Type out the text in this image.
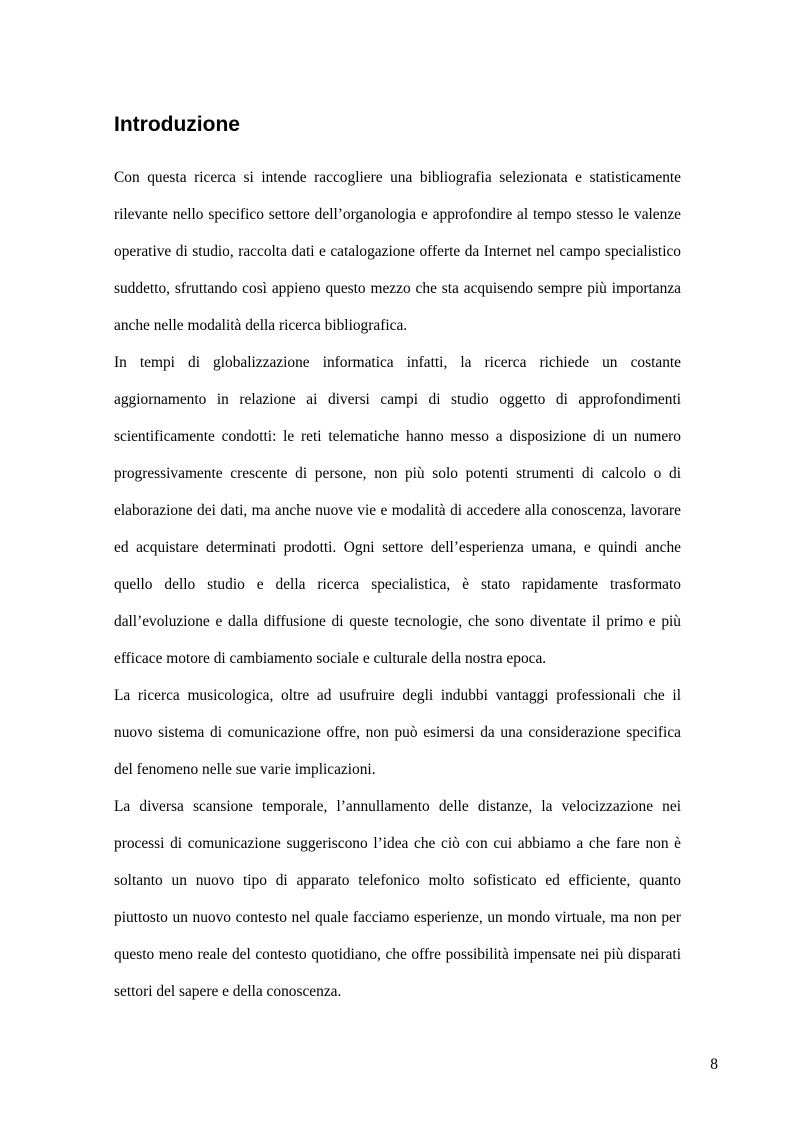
Introduzione

Con questa ricerca si intende raccogliere una bibliografia selezionata e statisticamente rilevante nello specifico settore dell’organologia e approfondire al tempo stesso le valenze operative di studio, raccolta dati e catalogazione offerte da Internet nel campo specialistico suddetto, sfruttando così appieno questo mezzo che sta acquisendo sempre più importanza anche nelle modalità della ricerca bibliografica.

In tempi di globalizzazione informatica infatti, la ricerca richiede un costante aggiornamento in relazione ai diversi campi di studio oggetto di approfondimenti scientificamente condotti: le reti telematiche hanno messo a disposizione di un numero progressivamente crescente di persone, non più solo potenti strumenti di calcolo o di elaborazione dei dati, ma anche nuove vie e modalità di accedere alla conoscenza, lavorare ed acquistare determinati prodotti. Ogni settore dell’esperienza umana, e quindi anche quello dello studio e della ricerca specialistica, è stato rapidamente trasformato dall’evoluzione e dalla diffusione di queste tecnologie, che sono diventate il primo e più efficace motore di cambiamento sociale e culturale della nostra epoca.

La ricerca musicologica, oltre ad usufruire degli indubbi vantaggi professionali che il nuovo sistema di comunicazione offre, non può esimersi da una considerazione specifica del fenomeno nelle sue varie implicazioni.

La diversa scansione temporale, l’annullamento delle distanze, la velocizzazione nei processi di comunicazione suggeriscono l’idea che ciò con cui abbiamo a che fare non è soltanto un nuovo tipo di apparato telefonico molto sofisticato ed efficiente, quanto piuttosto un nuovo contesto nel quale facciamo esperienze, un mondo virtuale, ma non per questo meno reale del contesto quotidiano, che offre possibilità impensate nei più disparati settori del sapere e della conoscenza.

8
